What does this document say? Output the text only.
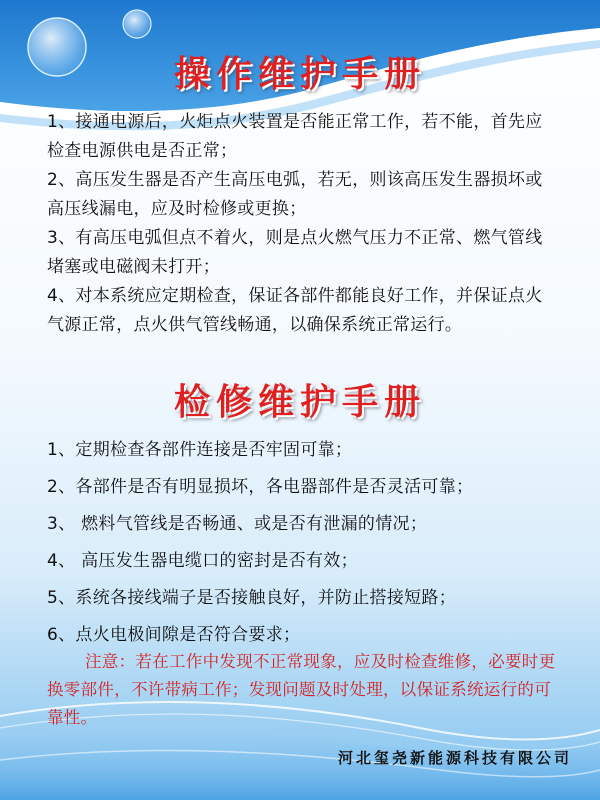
操作维护手册
1、接通电源后，火炬点火装置是否能正常工作，若不能，首先应检查电源供电是否正常；
2、高压发生器是否产生高压电弧，若无，则该高压发生器损坏或高压线漏电，应及时检修或更换；
3、有高压电弧但点不着火，则是点火燃气压力不正常、燃气管线堵塞或电磁阀未打开；
4、对本系统应定期检查，保证各部件都能良好工作，并保证点火气源正常，点火供气管线畅通，以确保系统正常运行。
检修维护手册
1、定期检查各部件连接是否牢固可靠；
2、各部件是否有明显损坏，各电器部件是否灵活可靠；
3、 燃料气管线是否畅通、或是否有泄漏的情况；
4、 高压发生器电缆口的密封是否有效；
5、系统各接线端子是否接触良好，并防止搭接短路；
6、点火电极间隙是否符合要求；
注意：若在工作中发现不正常现象，应及时检查维修，必要时更换零部件，不许带病工作；发现问题及时处理，以保证系统运行的可靠性。
河北玺尧新能源科技有限公司
